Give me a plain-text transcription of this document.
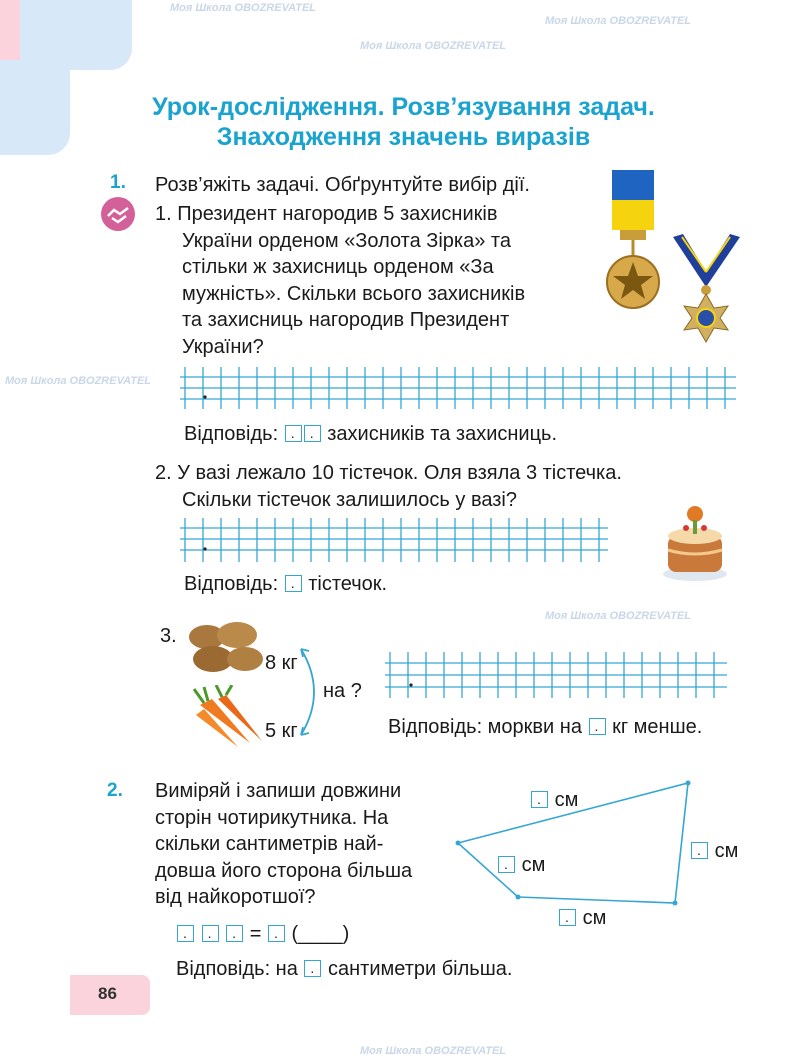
Моя Школа OBOZREVATEL
Моя Школа OBOZREVATEL
Моя Школа OBOZREVATEL
Моя Школа OBOZREVATEL
Моя Школа OBOZREVATEL
Моя Школа OBOZREVATEL
Урок-дослідження. Розв’язування задач.
Знаходження значень виразів
1. Розв’яжіть задачі. Обґрунтуйте вибір дії.
1. Президент нагородив 5 захисників
України орденом «Золота Зірка» та
стільки ж захисниць орденом «За
мужність». Скільки всього захисників
та захисниць нагородив Президент
України?
Відповідь: . . захисників та захисниць.
2. У вазі лежало 10 тістечок. Оля взяла 3 тістечка.
Скільки тістечок залишилось у вазі?
Відповідь: . тістечок.
3.
8 кг
5 кг
на ?
Відповідь: моркви на . кг менше.
2. Виміряй і запиши довжини
сторін чотирикутника. На
скільки сантиметрів най-
довша його сторона більша
від найкоротшої?
. см
. см
. см
. см
. . . = . (____)
Відповідь: на . сантиметри більша.
86
